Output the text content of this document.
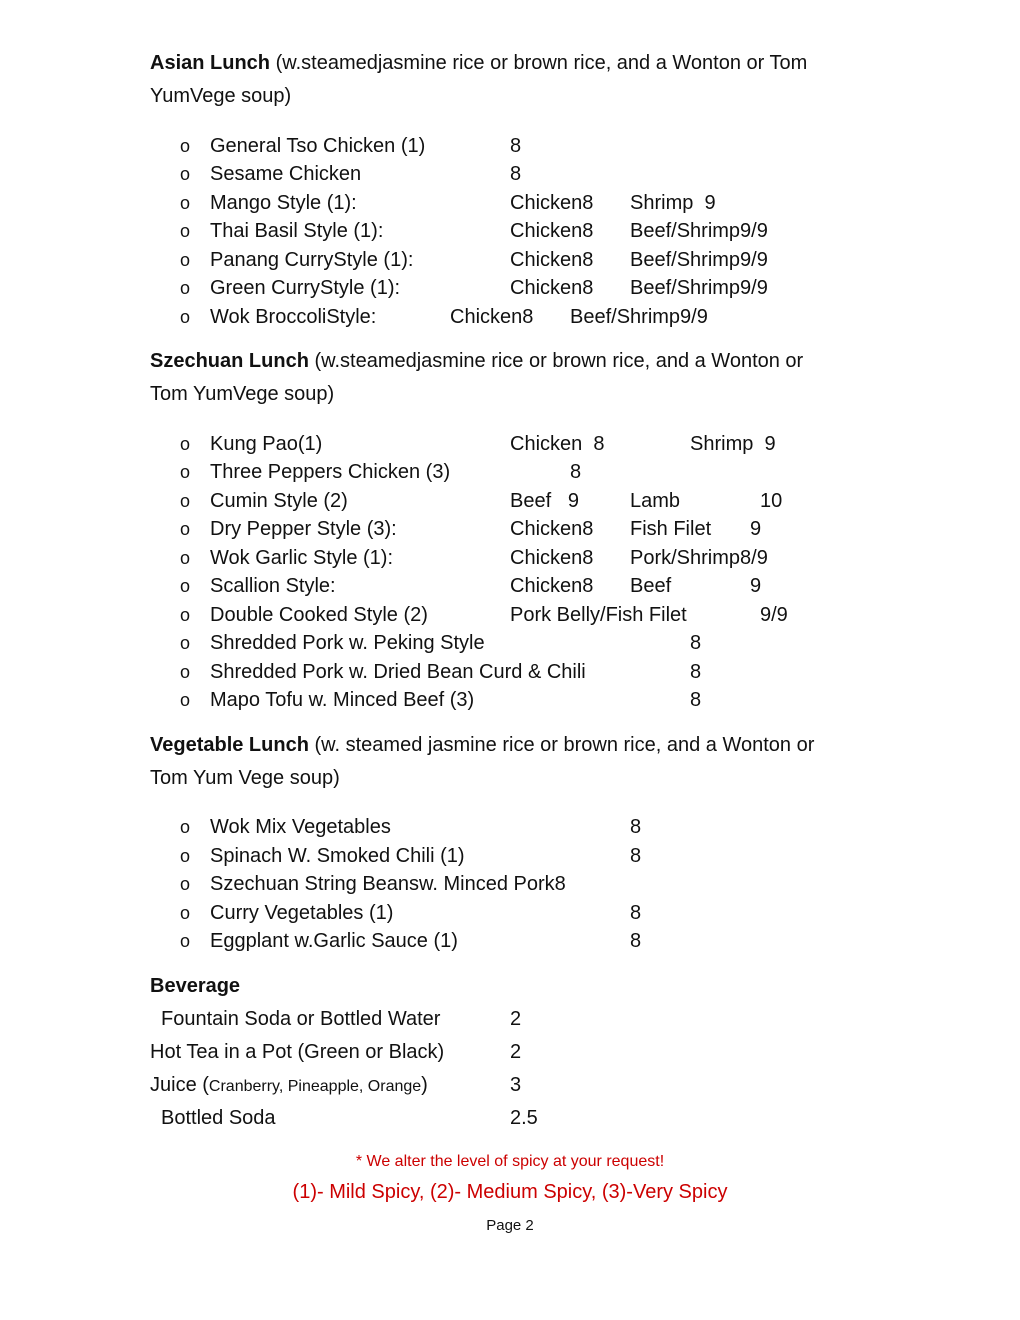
Asian Lunch (w.steamedjasmine rice or brown rice, and a Wonton or Tom
YumVege soup)
o General Tso Chicken (1)	8
o Sesame Chicken	8
o Mango Style (1):	Chicken8 Shrimp  9
o Thai Basil Style (1):	Chicken8 Beef/Shrimp9/9
o Panang CurryStyle (1):	Chicken8 Beef/Shrimp9/9
o Green CurryStyle (1):	Chicken8 Beef/Shrimp9/9
o Wok BroccoliStyle:	Chicken8 Beef/Shrimp9/9
Szechuan Lunch (w.steamedjasmine rice or brown rice, and a Wonton or
Tom YumVege soup)
o Kung Pao(1)	Chicken  8	Shrimp  9
o Three Peppers Chicken (3)	8
o Cumin Style (2)	Beef   9	Lamb	10
o Dry Pepper Style (3):	Chicken8 Fish Filet 9
o Wok Garlic Style (1):	Chicken8 Pork/Shrimp8/9
o Scallion Style:	Chicken8 Beef	9
o Double Cooked Style (2)	Pork Belly/Fish Filet	9/9
o Shredded Pork w. Peking Style	8
o Shredded Pork w. Dried Bean Curd & Chili	8
o Mapo Tofu w. Minced Beef (3)	8
Vegetable Lunch (w. steamed jasmine rice or brown rice, and a Wonton or
Tom Yum Vege soup)
o Wok Mix Vegetables	8
o Spinach W. Smoked Chili (1)	8
o Szechuan String Beansw. Minced Pork8
o Curry Vegetables (1)	8
o Eggplant w.Garlic Sauce (1)	8
Beverage
Fountain Soda or Bottled Water	2
Hot Tea in a Pot (Green or Black)	2
Juice (Cranberry, Pineapple, Orange)	3
Bottled Soda	2.5
* We alter the level of spicy at your request!
(1)- Mild Spicy, (2)- Medium Spicy, (3)-Very Spicy
Page 2
